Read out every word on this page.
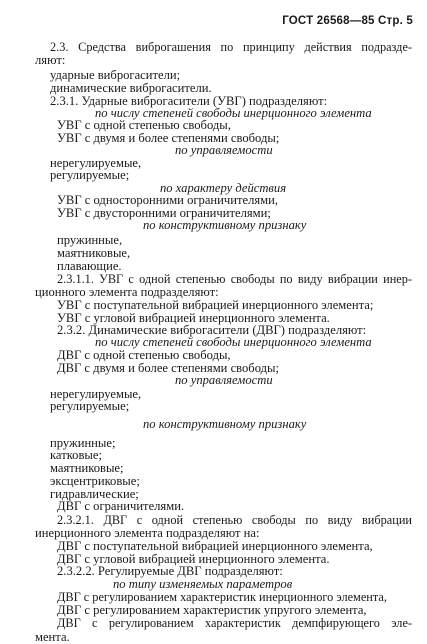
ГОСТ 26568—85 Стр. 5
2.3. Средства виброгашения по принципу действия подразде-
ляют:
ударные виброгасители;
динамические виброгасители.
2.3.1. Ударные виброгасители (УВГ) подразделяют:
по числу степеней свободы инерционного элемента
УВГ с одной степенью свободы,
УВГ с двумя и более степенями свободы;
по управляемости
нерегулируемые,
регулируемые;
по характеру действия
УВГ с односторонними ограничителями,
УВГ с двусторонними ограничителями;
по конструктивному признаку
пружинные,
маятниковые,
плавающие.
2.3.1.1. УВГ с одной степенью свободы по виду вибрации инер-
ционного элемента подразделяют:
УВГ с поступательной вибрацией инерционного элемента;
УВГ с угловой вибрацией инерционного элемента.
2.3.2. Динамические виброгасители (ДВГ) подразделяют:
по числу степеней свободы инерционного элемента
ДВГ с одной степенью свободы,
ДВГ с двумя и более степенями свободы;
по управляемости
нерегулируемые,
регулируемые;
по конструктивному признаку
пружинные;
катковые;
маятниковые;
эксцентриковые;
гидравлические;
ДВГ с ограничителями.
2.3.2.1. ДВГ с одной степенью свободы по виду вибрации
инерционного элемента подразделяют на:
ДВГ с поступательной вибрацией инерционного элемента,
ДВГ с угловой вибрацией инерционного элемента.
2.3.2.2. Регулируемые ДВГ подразделяют:
по типу изменяемых параметров
ДВГ с регулированием характеристик инерционного элемента,
ДВГ с регулированием характеристик упругого элемента,
ДВГ с регулированием характеристик демпфирующего эле-
мента.
